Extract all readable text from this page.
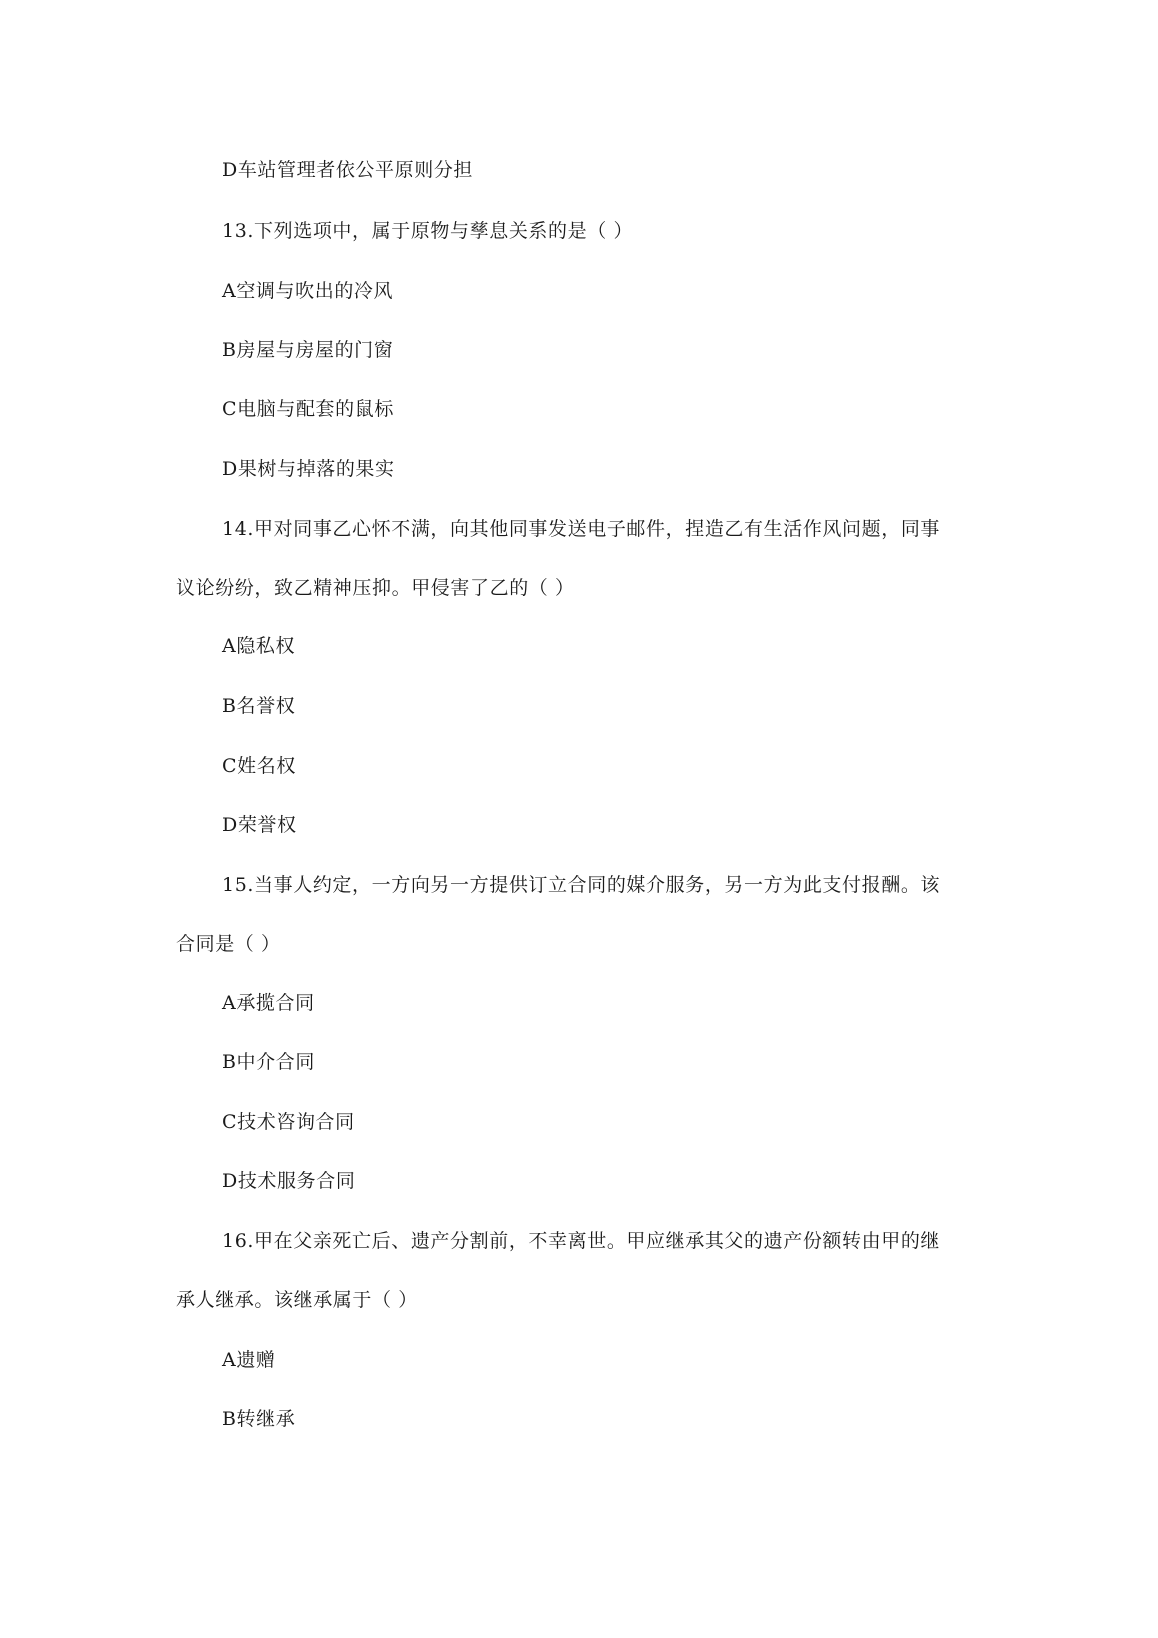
D车站管理者依公平原则分担
13.下列选项中，属于原物与孳息关系的是（ ）
A空调与吹出的冷风
B房屋与房屋的门窗
C电脑与配套的鼠标
D果树与掉落的果实
14.甲对同事乙心怀不满，向其他同事发送电子邮件，捏造乙有生活作风问题，同事
议论纷纷，致乙精神压抑。甲侵害了乙的（ ）
A隐私权
B名誉权
C姓名权
D荣誉权
15.当事人约定，一方向另一方提供订立合同的媒介服务，另一方为此支付报酬。该
合同是（ ）
A承揽合同
B中介合同
C技术咨询合同
D技术服务合同
16.甲在父亲死亡后、遗产分割前，不幸离世。甲应继承其父的遗产份额转由甲的继
承人继承。该继承属于（ ）
A遗赠
B转继承
